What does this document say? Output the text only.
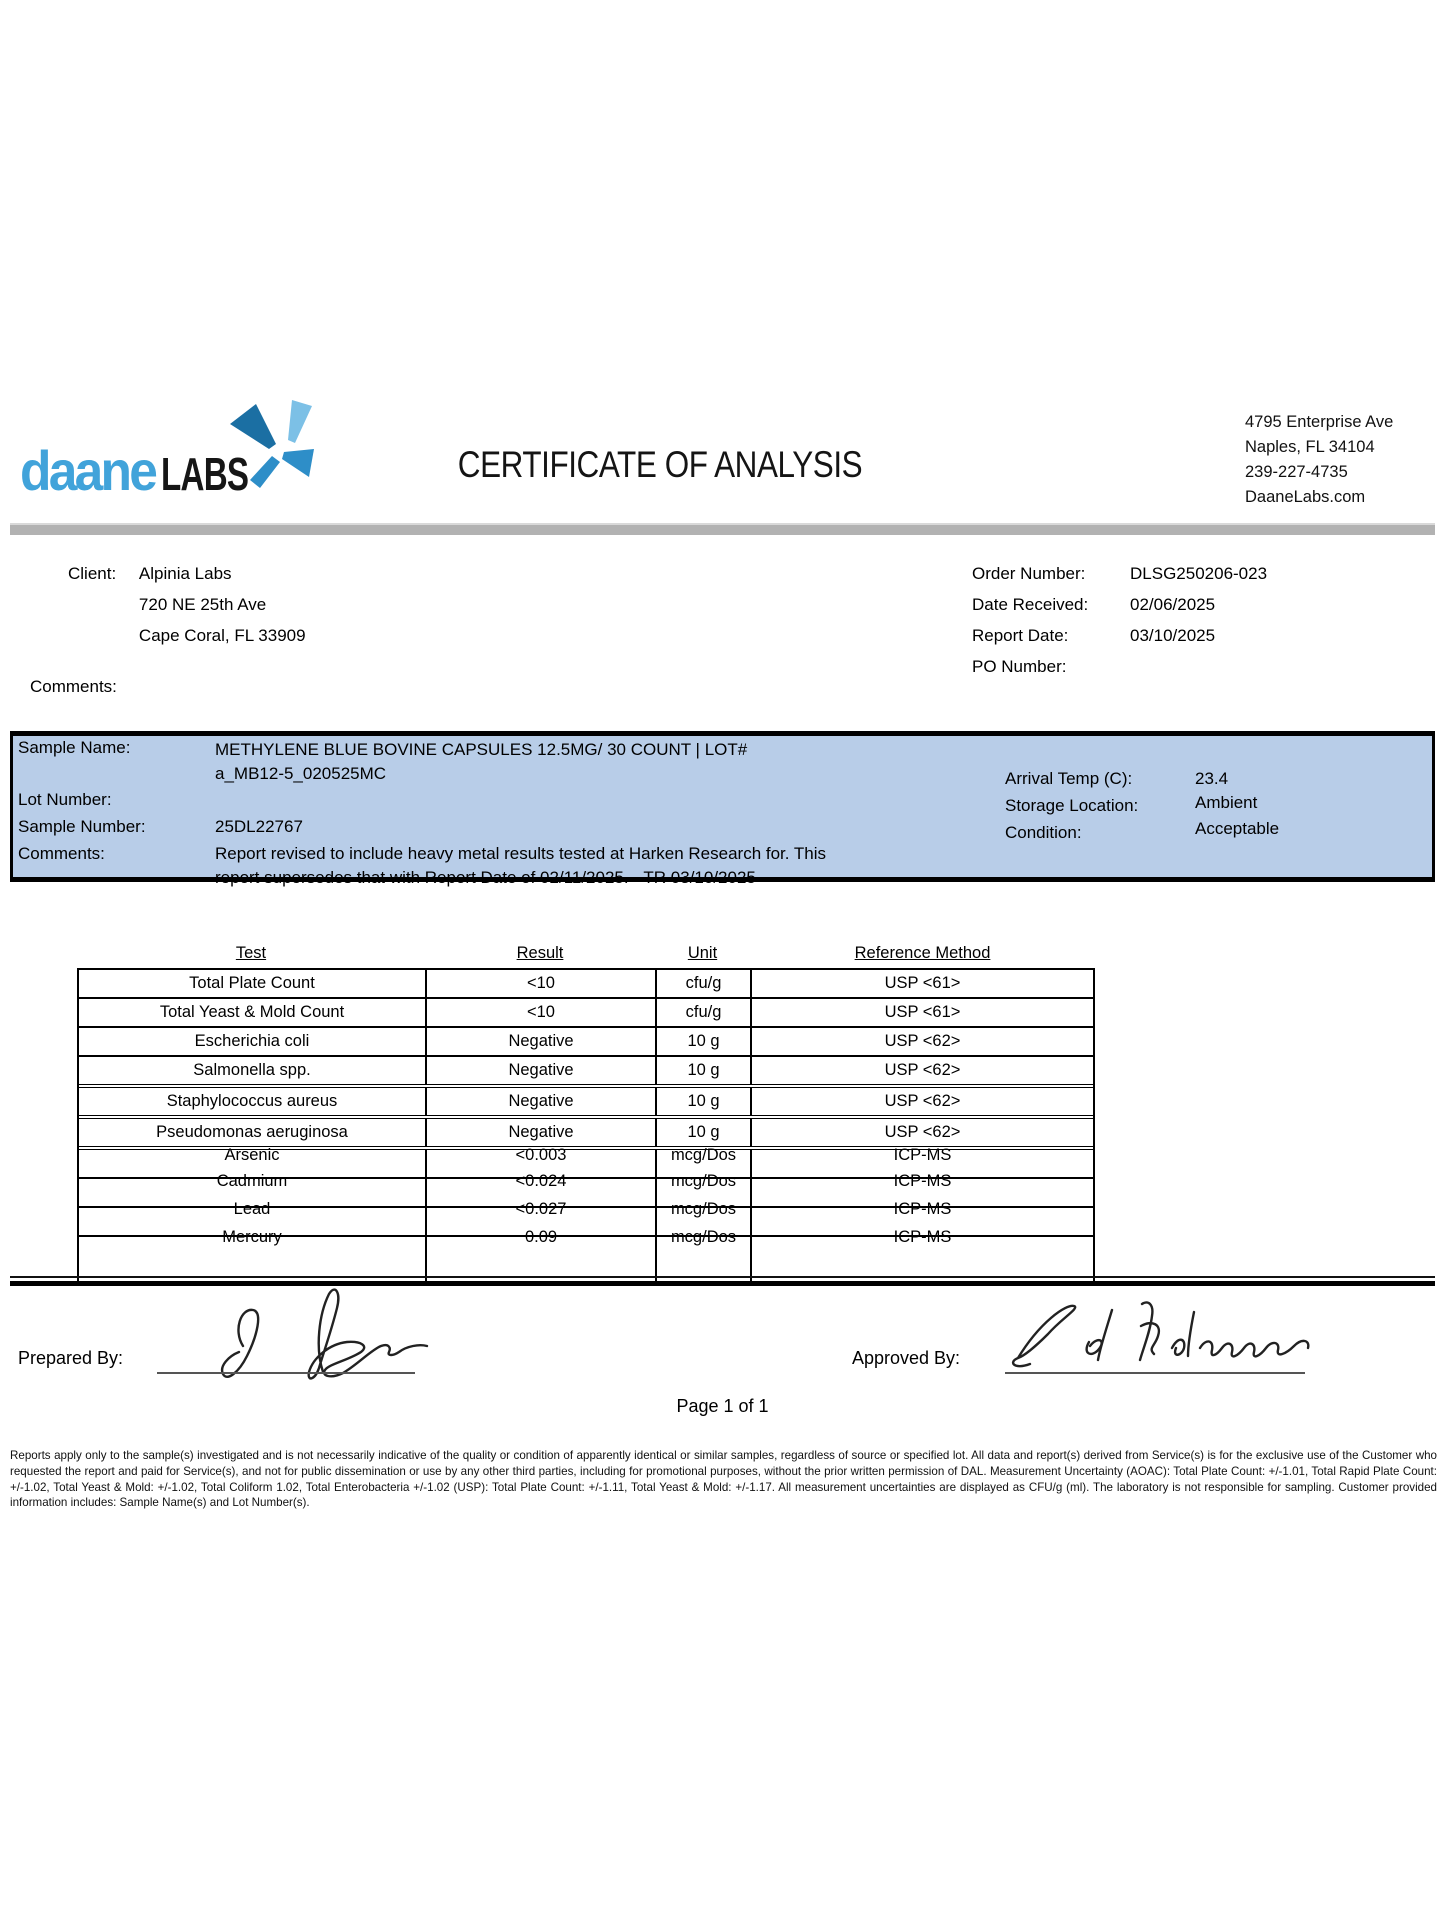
daane LABS	CERTIFICATE OF ANALYSIS
4795 Enterprise Ave
Naples, FL 34104
239-227-4735
DaaneLabs.com
Client: Alpinia Labs
720 NE 25th Ave
Cape Coral, FL 33909
Comments:
Order Number:	DLSG250206-023
Date Received:	02/06/2025
Report Date:	03/10/2025
PO Number:
Sample Name:	METHYLENE BLUE BOVINE CAPSULES 12.5MG/ 30 COUNT | LOT# a_MB12-5_020525MC
Lot Number:
Sample Number:	25DL22767
Comments:	Report revised to include heavy metal results tested at Harken Research for. This report supersedes that with Report Date of 02/11/2025. - TR 03/10/2025
Arrival Temp (C):	23.4
Storage Location:	Ambient
Condition:	Acceptable
Test	Result	Unit	Reference Method
Total Plate Count	<10	cfu/g	USP <61>
Total Yeast & Mold Count	<10	cfu/g	USP <61>
Escherichia coli	Negative	10 g	USP <62>
Salmonella spp.	Negative	10 g	USP <62>
Staphylococcus aureus	Negative	10 g	USP <62>
Pseudomonas aeruginosa	Negative	10 g	USP <62>
Arsenic	<0.003	mcg/Dos	ICP-MS
Cadmium	<0.024	mcg/Dos	ICP-MS
Lead	<0.027	mcg/Dos	ICP-MS
Mercury	0.09	mcg/Dos	ICP-MS
Prepared By:	Approved By:
Page 1 of 1
Reports apply only to the sample(s) investigated and is not necessarily indicative of the quality or condition of apparently identical or similar samples, regardless of source or specified lot. All data and report(s) derived from Service(s) is for the exclusive use of the Customer who requested the report and paid for Service(s), and not for public dissemination or use by any other third parties, including for promotional purposes, without the prior written permission of DAL. Measurement Uncertainty (AOAC): Total Plate Count: +/-1.01, Total Rapid Plate Count: +/-1.02, Total Yeast & Mold: +/-1.02, Total Coliform 1.02, Total Enterobacteria +/-1.02 (USP): Total Plate Count: +/-1.11, Total Yeast & Mold: +/-1.17. All measurement uncertainties are displayed as CFU/g (ml). The laboratory is not responsible for sampling. Customer provided information includes: Sample Name(s) and Lot Number(s).
